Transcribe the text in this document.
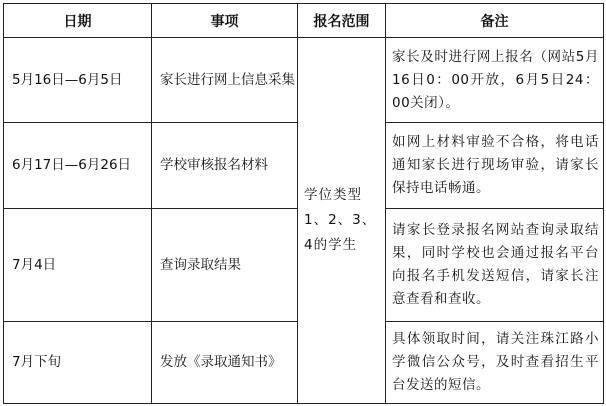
日期	事项	报名范围	备注
5月16日—6月5日	家长进行网上信息采集	学位类型1、2、3、4的学生	家长及时进行网上报名（网站5月16日0：00开放，6月5日24：00关闭）。

6月17日—6月26日	学校审核报名材料		如网上材料审验不合格，将电话通知家长进行现场审验，请家长保持电话畅通。

7月4日	查询录取结果		请家长登录报名网站查询录取结果，同时学校也会通过报名平台向报名手机发送短信，请家长注意查看和查收。

7月下旬	发放《录取通知书》		具体领取时间，请关注珠江路小学微信公众号，及时查看招生平台发送的短信。
